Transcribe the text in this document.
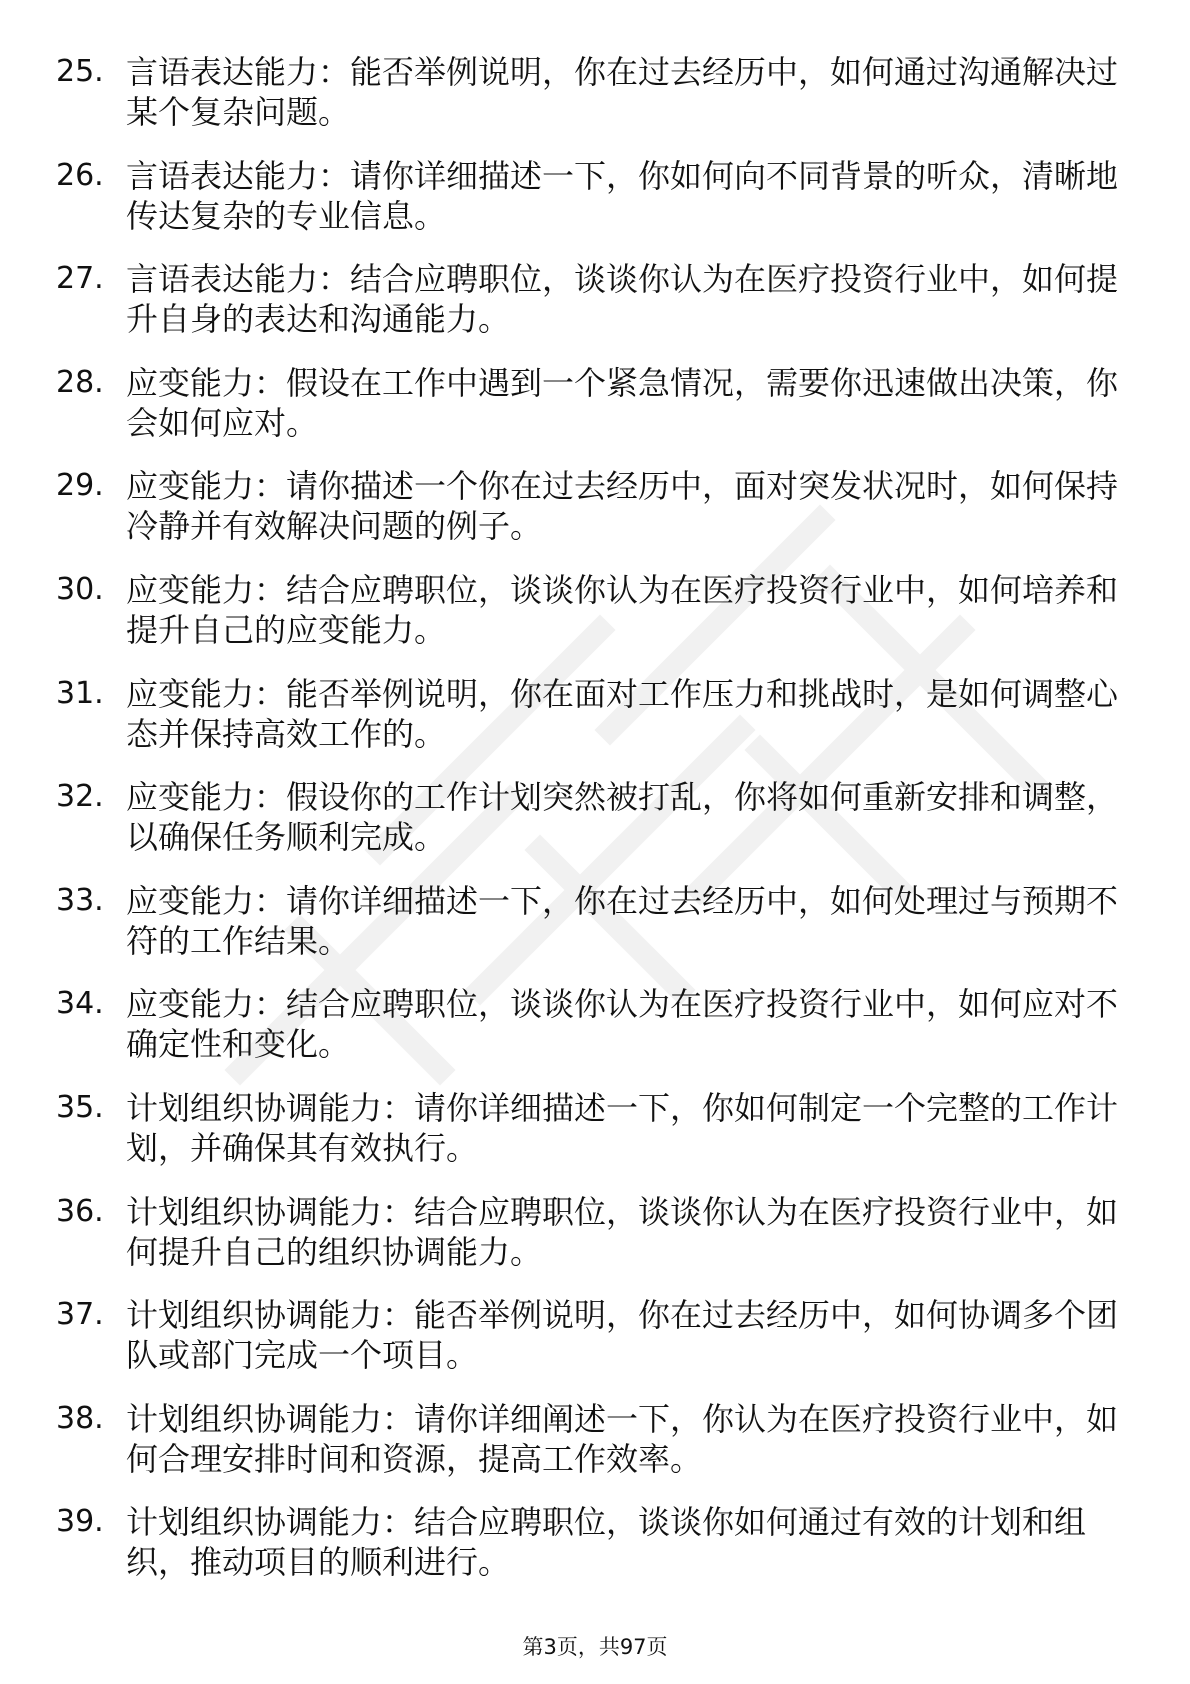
25. 言语表达能力：能否举例说明，你在过去经历中，如何通过沟通解决过某个复杂问题。
26. 言语表达能力：请你详细描述一下，你如何向不同背景的听众，清晰地传达复杂的专业信息。
27. 言语表达能力：结合应聘职位，谈谈你认为在医疗投资行业中，如何提升自身的表达和沟通能力。
28. 应变能力：假设在工作中遇到一个紧急情况，需要你迅速做出决策，你会如何应对。
29. 应变能力：请你描述一个你在过去经历中，面对突发状况时，如何保持冷静并有效解决问题的例子。
30. 应变能力：结合应聘职位，谈谈你认为在医疗投资行业中，如何培养和提升自己的应变能力。
31. 应变能力：能否举例说明，你在面对工作压力和挑战时，是如何调整心态并保持高效工作的。
32. 应变能力：假设你的工作计划突然被打乱，你将如何重新安排和调整，以确保任务顺利完成。
33. 应变能力：请你详细描述一下，你在过去经历中，如何处理过与预期不符的工作结果。
34. 应变能力：结合应聘职位，谈谈你认为在医疗投资行业中，如何应对不确定性和变化。
35. 计划组织协调能力：请你详细描述一下，你如何制定一个完整的工作计划，并确保其有效执行。
36. 计划组织协调能力：结合应聘职位，谈谈你认为在医疗投资行业中，如何提升自己的组织协调能力。
37. 计划组织协调能力：能否举例说明，你在过去经历中，如何协调多个团队或部门完成一个项目。
38. 计划组织协调能力：请你详细阐述一下，你认为在医疗投资行业中，如何合理安排时间和资源，提高工作效率。
39. 计划组织协调能力：结合应聘职位，谈谈你如何通过有效的计划和组织，推动项目的顺利进行。
第3页，共97页
